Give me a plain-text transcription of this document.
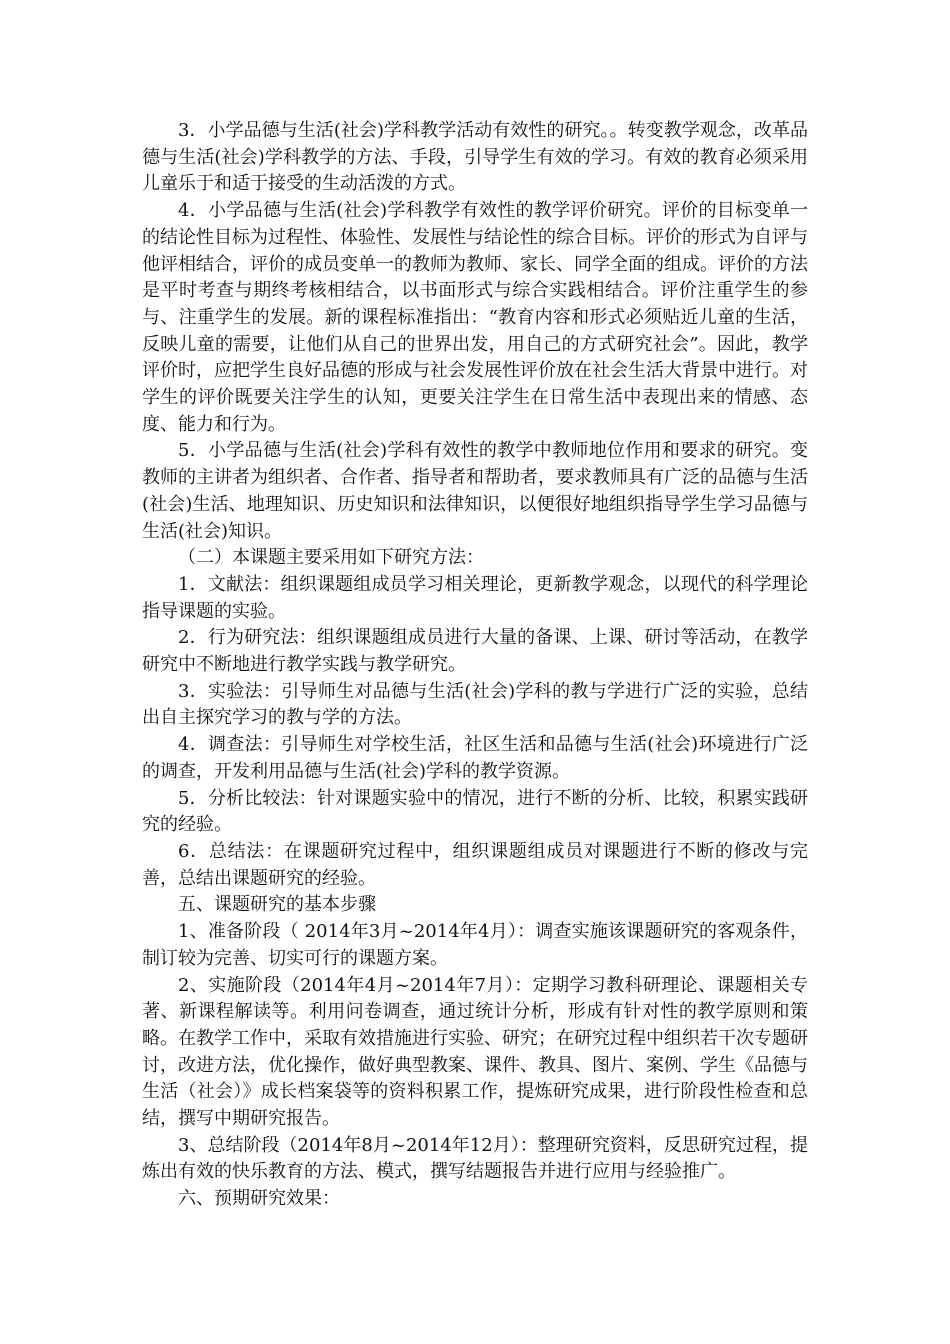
3．小学品德与生活(社会)学科教学活动有效性的研究。。转变教学观念，改革品德与生活(社会)学科教学的方法、手段，引导学生有效的学习。有效的教育必须采用儿童乐于和适于接受的生动活泼的方式。

4．小学品德与生活(社会)学科教学有效性的教学评价研究。评价的目标变单一的结论性目标为过程性、体验性、发展性与结论性的综合目标。评价的形式为自评与他评相结合，评价的成员变单一的教师为教师、家长、同学全面的组成。评价的方法是平时考查与期终考核相结合，以书面形式与综合实践相结合。评价注重学生的参与、注重学生的发展。新的课程标准指出：“教育内容和形式必须贴近儿童的生活，反映儿童的需要，让他们从自己的世界出发，用自己的方式研究社会”。因此，教学评价时，应把学生良好品德的形成与社会发展性评价放在社会生活大背景中进行。对学生的评价既要关注学生的认知，更要关注学生在日常生活中表现出来的情感、态度、能力和行为。

5．小学品德与生活(社会)学科有效性的教学中教师地位作用和要求的研究。变教师的主讲者为组织者、合作者、指导者和帮助者，要求教师具有广泛的品德与生活(社会)生活、地理知识、历史知识和法律知识，以便很好地组织指导学生学习品德与生活(社会)知识。

（二）本课题主要采用如下研究方法：

1．文献法：组织课题组成员学习相关理论，更新教学观念，以现代的科学理论指导课题的实验。

2．行为研究法：组织课题组成员进行大量的备课、上课、研讨等活动，在教学研究中不断地进行教学实践与教学研究。

3．实验法：引导师生对品德与生活(社会)学科的教与学进行广泛的实验，总结出自主探究学习的教与学的方法。

4．调查法：引导师生对学校生活，社区生活和品德与生活(社会)环境进行广泛的调查，开发利用品德与生活(社会)学科的教学资源。

5．分析比较法：针对课题实验中的情况，进行不断的分析、比较，积累实践研究的经验。

6．总结法：在课题研究过程中，组织课题组成员对课题进行不断的修改与完善，总结出课题研究的经验。

五、课题研究的基本步骤

1、准备阶段（ 2014年3月~2014年4月）：调查实施该课题研究的客观条件，制订较为完善、切实可行的课题方案。

2、实施阶段（2014年4月~2014年7月）：定期学习教科研理论、课题相关专著、新课程解读等。利用问卷调查，通过统计分析，形成有针对性的教学原则和策略。在教学工作中，采取有效措施进行实验、研究；在研究过程中组织若干次专题研讨，改进方法，优化操作，做好典型教案、课件、教具、图片、案例、学生《品德与生活（社会）》成长档案袋等的资料积累工作，提炼研究成果，进行阶段性检查和总结，撰写中期研究报告。

3、总结阶段（2014年8月~2014年12月）：整理研究资料，反思研究过程，提炼出有效的快乐教育的方法、模式，撰写结题报告并进行应用与经验推广。

六、预期研究效果：
